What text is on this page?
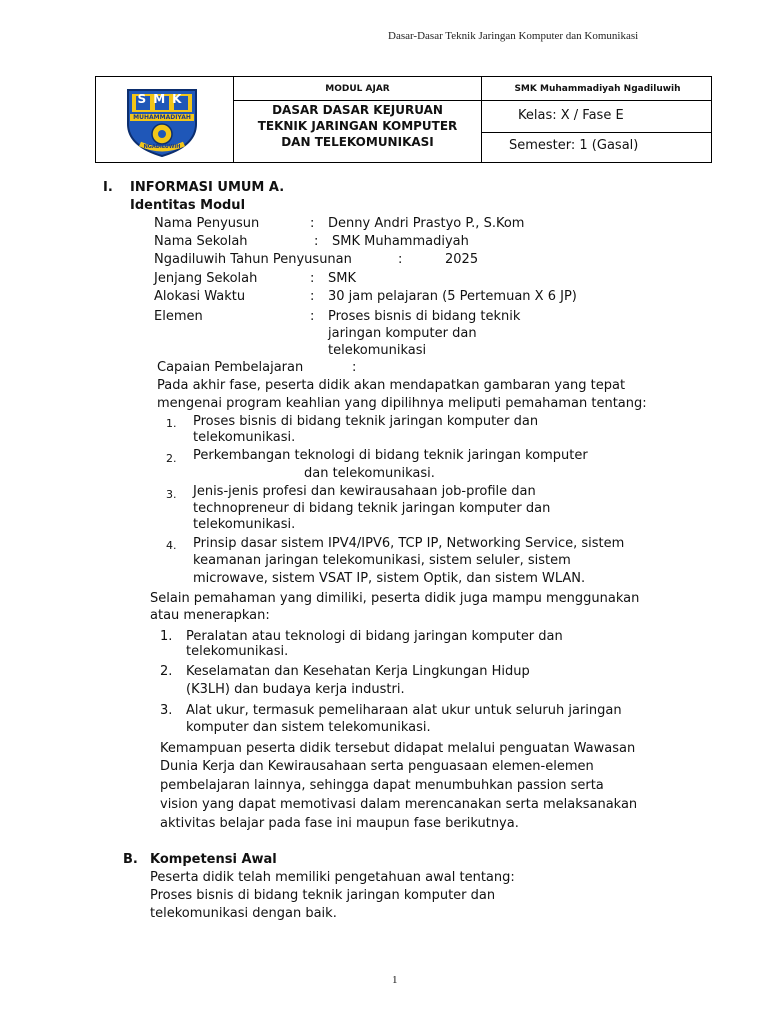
Dasar-Dasar Teknik Jaringan Komputer dan Komunikasi
SMK
MUHAMMADIYAH
NGADILUWIH
MODUL AJAR	SMK Muhammadiyah Ngadiluwih
DASAR DASAR KEJURUAN
TEKNIK JARINGAN KOMPUTER
DAN TELEKOMUNIKASI
Kelas: X / Fase E
Semester: 1 (Gasal)
I. INFORMASI UMUM A.
Identitas Modul
Nama Penyusun	: Denny Andri Prastyo P., S.Kom
Nama Sekolah	: SMK Muhammadiyah
Ngadiluwih Tahun Penyusunan	:	2025
Jenjang Sekolah	: SMK
Alokasi Waktu	: 30 jam pelajaran (5 Pertemuan X 6 JP)
Elemen	: Proses bisnis di bidang teknik
jaringan komputer dan
telekomunikasi
Capaian Pembelajaran	:
Pada akhir fase, peserta didik akan mendapatkan gambaran yang tepat
mengenai program keahlian yang dipilihnya meliputi pemahaman tentang:
1. Proses bisnis di bidang teknik jaringan komputer dan
telekomunikasi.
2. Perkembangan teknologi di bidang teknik jaringan komputer
dan telekomunikasi.
3. Jenis-jenis profesi dan kewirausahaan job-profile dan
technopreneur di bidang teknik jaringan komputer dan
telekomunikasi.
4. Prinsip dasar sistem IPV4/IPV6, TCP IP, Networking Service, sistem
keamanan jaringan telekomunikasi, sistem seluler, sistem
microwave, sistem VSAT IP, sistem Optik, dan sistem WLAN.
Selain pemahaman yang dimiliki, peserta didik juga mampu menggunakan
atau menerapkan:
1. Peralatan atau teknologi di bidang jaringan komputer dan
telekomunikasi.
2. Keselamatan dan Kesehatan Kerja Lingkungan Hidup
(K3LH) dan budaya kerja industri.
3. Alat ukur, termasuk pemeliharaan alat ukur untuk seluruh jaringan
komputer dan sistem telekomunikasi.
Kemampuan peserta didik tersebut didapat melalui penguatan Wawasan
Dunia Kerja dan Kewirausahaan serta penguasaan elemen-elemen
pembelajaran lainnya, sehingga dapat menumbuhkan passion serta
vision yang dapat memotivasi dalam merencanakan serta melaksanakan
aktivitas belajar pada fase ini maupun fase berikutnya.
B. Kompetensi Awal
Peserta didik telah memiliki pengetahuan awal tentang:
Proses bisnis di bidang teknik jaringan komputer dan
telekomunikasi dengan baik.
1
